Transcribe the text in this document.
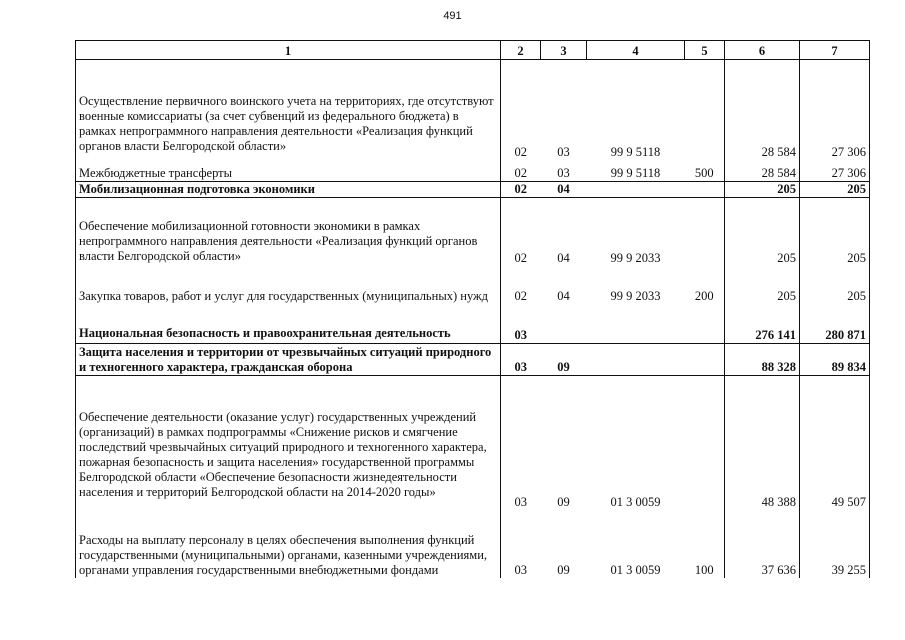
491
1	2	3	4	5	6	7
Осуществление первичного воинского учета на территориях, где отсутствуют военные комиссариаты (за счет субвенций из федерального бюджета) в рамках непрограммного направления деятельности «Реализация функций органов власти Белгородской области»	02	03	99 9 5118		28 584	27 306
Межбюджетные трансферты	02	03	99 9 5118	500	28 584	27 306
Мобилизационная подготовка экономики	02	04			205	205
Обеспечение мобилизационной готовности экономики в рамках непрограммного направления деятельности «Реализация функций органов власти Белгородской области»	02	04	99 9 2033		205	205
Закупка товаров, работ и услуг для государственных (муниципальных) нужд	02	04	99 9 2033	200	205	205
Национальная безопасность и правоохранительная деятельность	03				276 141	280 871
Защита населения и территории от чрезвычайных ситуаций природного и техногенного характера, гражданская оборона	03	09			88 328	89 834
Обеспечение деятельности (оказание услуг) государственных учреждений (организаций) в рамках подпрограммы «Снижение рисков и смягчение последствий чрезвычайных ситуаций природного и техногенного характера, пожарная безопасность и защита населения» государственной программы Белгородской области «Обеспечение безопасности жизнедеятельности населения и территорий Белгородской области на 2014-2020 годы»	03	09	01 3 0059		48 388	49 507
Расходы на выплату персоналу в целях обеспечения выполнения функций государственными (муниципальными) органами, казенными учреждениями, органами управления государственными внебюджетными фондами	03	09	01 3 0059	100	37 636	39 255
